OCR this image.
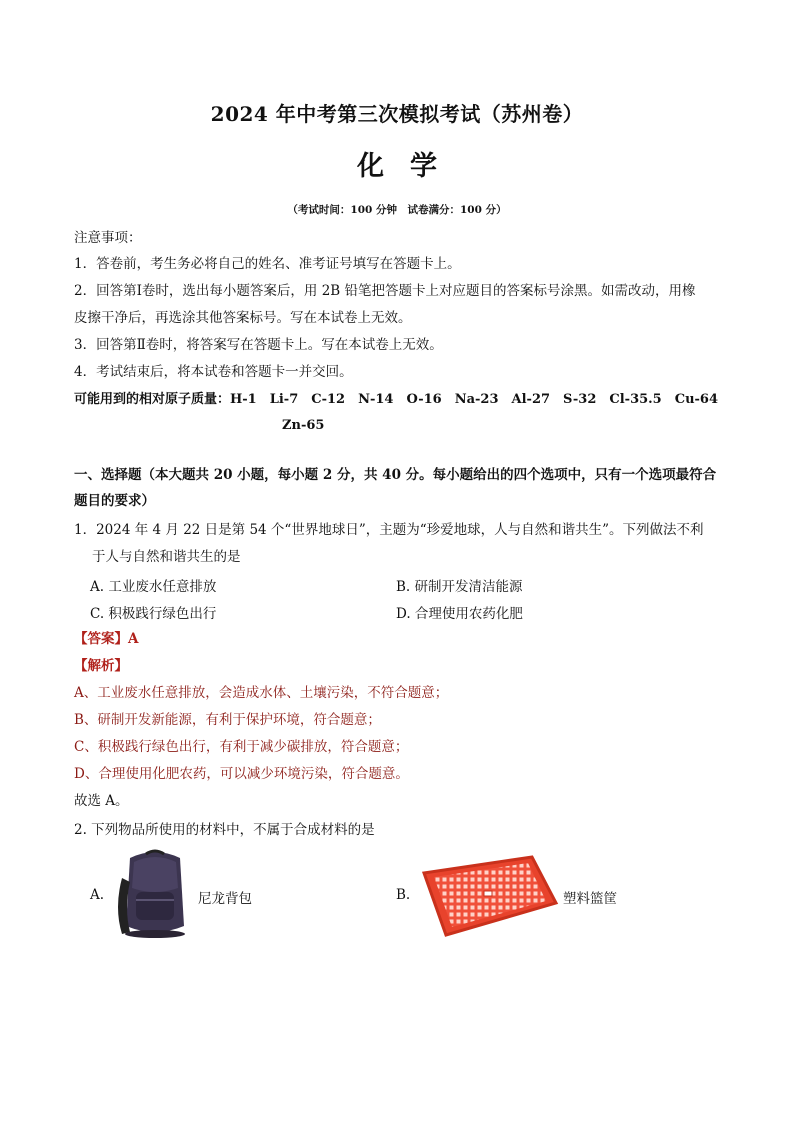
2024 年中考第三次模拟考试（苏州卷）
化学
（考试时间：100 分钟　试卷满分：100 分）
注意事项：
1．答卷前，考生务必将自己的姓名、准考证号填写在答题卡上。
2．回答第Ⅰ卷时，选出每小题答案后，用 2B 铅笔把答题卡上对应题目的答案标号涂黑。如需改动，用橡
皮擦干净后，再选涂其他答案标号。写在本试卷上无效。
3．回答第Ⅱ卷时，将答案写在答题卡上。写在本试卷上无效。
4．考试结束后，将本试卷和答题卡一并交回。
可能用到的相对原子质量：H-1　Li-7　C-12　N-14　O-16　Na-23　Al-27　S-32　Cl-35.5　Cu-64
Zn-65
一、选择题（本大题共 20 小题，每小题 2 分，共 40 分。每小题给出的四个选项中，只有一个选项最符合
题目的要求）
1．2024 年 4 月 22 日是第 54 个“世界地球日”，主题为“珍爱地球，人与自然和谐共生”。下列做法不利
于人与自然和谐共生的是
A. 工业废水任意排放	B. 研制开发清洁能源
C. 积极践行绿色出行	D. 合理使用农药化肥
【答案】A
【解析】
A、工业废水任意排放，会造成水体、土壤污染，不符合题意；
B、研制开发新能源，有利于保护环境，符合题意；
C、积极践行绿色出行，有利于减少碳排放，符合题意；
D、合理使用化肥农药，可以减少环境污染，符合题意。
故选 A。
2. 下列物品所使用的材料中，不属于合成材料的是
A.	尼龙背包	B.	塑料篮筐
